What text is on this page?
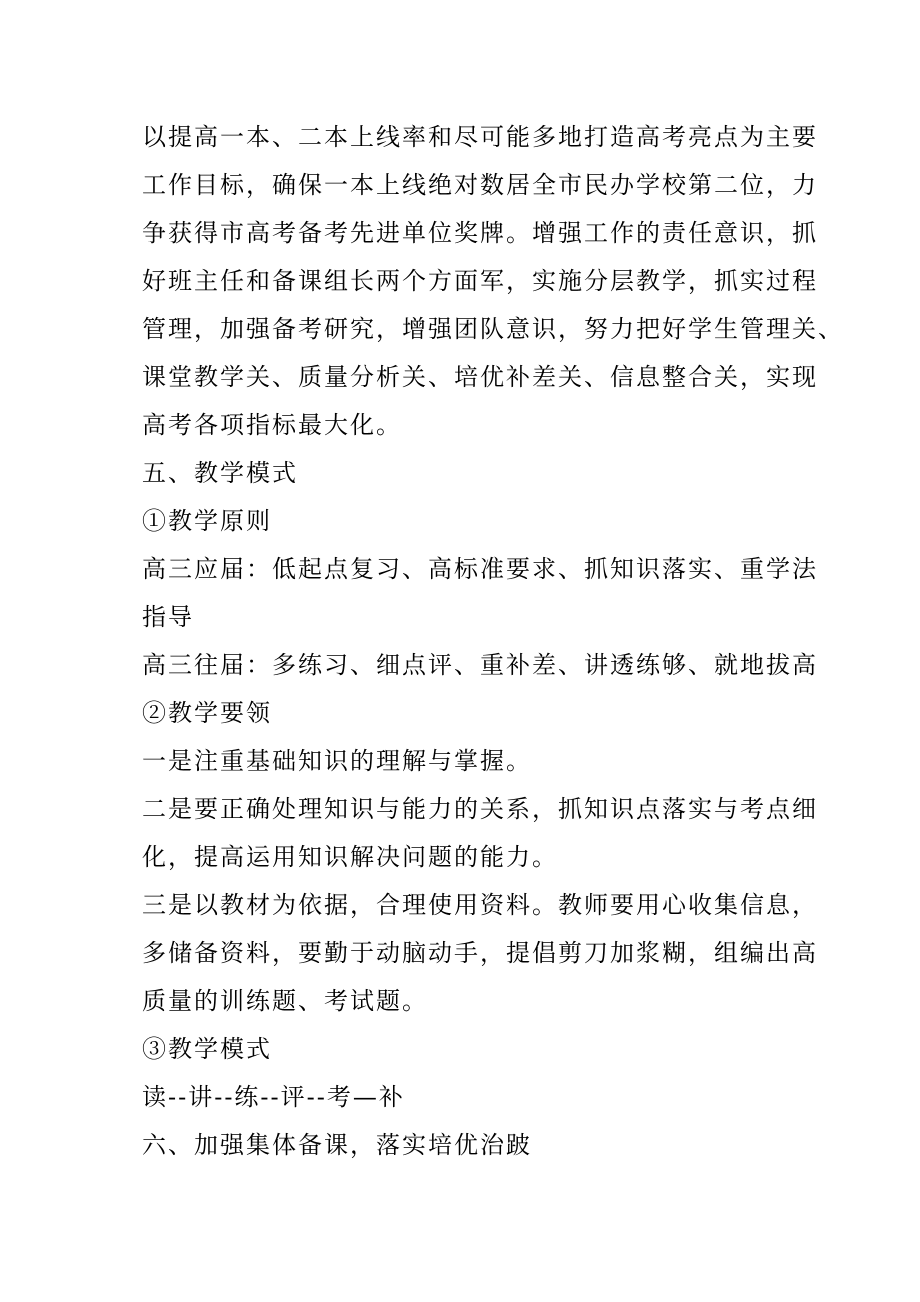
以提高一本、二本上线率和尽可能多地打造高考亮点为主要
工作目标，确保一本上线绝对数居全市民办学校第二位，力
争获得市高考备考先进单位奖牌。增强工作的责任意识，抓
好班主任和备课组长两个方面军，实施分层教学，抓实过程
管理，加强备考研究，增强团队意识，努力把好学生管理关、
课堂教学关、质量分析关、培优补差关、信息整合关，实现
高考各项指标最大化。
五、教学模式
①教学原则
高三应届：低起点复习、高标准要求、抓知识落实、重学法
指导
高三往届：多练习、细点评、重补差、讲透练够、就地拔高
②教学要领
一是注重基础知识的理解与掌握。
二是要正确处理知识与能力的关系，抓知识点落实与考点细
化，提高运用知识解决问题的能力。
三是以教材为依据，合理使用资料。教师要用心收集信息，
多储备资料，要勤于动脑动手，提倡剪刀加浆糊，组编出高
质量的训练题、考试题。
③教学模式
读--讲--练--评--考—补
六、加强集体备课，落实培优治跛
